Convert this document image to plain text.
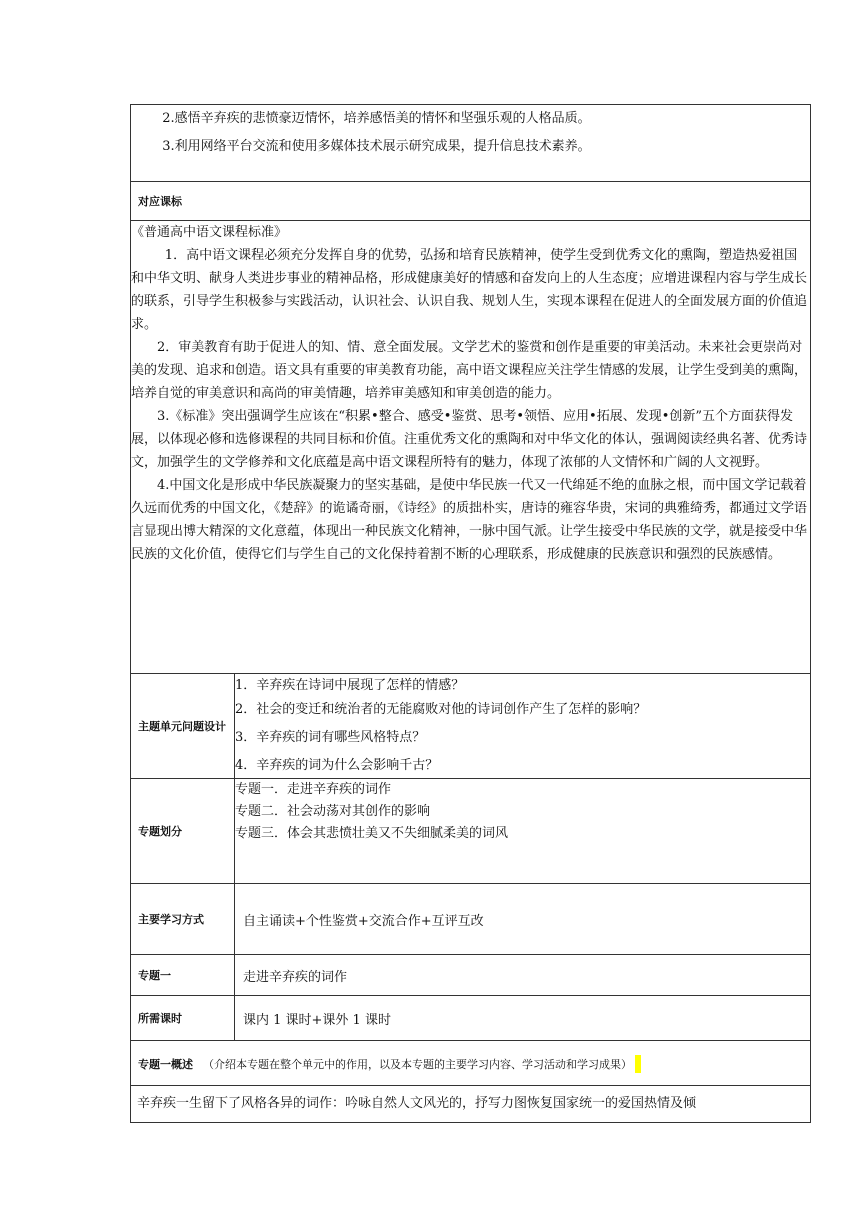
2.感悟辛弃疾的悲愤豪迈情怀，培养感悟美的情怀和坚强乐观的人格品质。

3.利用网络平台交流和使用多媒体技术展示研究成果，提升信息技术素养。	

对应课标	

《普通高中语文课程标准》

1．高中语文课程必须充分发挥自身的优势，弘扬和培育民族精神，使学生受到优秀文化的熏陶，塑造热爱祖国和中华文明、献身人类进步事业的精神品格，形成健康美好的情感和奋发向上的人生态度；应增进课程内容与学生成长的联系，引导学生积极参与实践活动，认识社会、认识自我、规划人生，实现本课程在促进人的全面发展方面的价值追求。

2．审美教育有助于促进人的知、情、意全面发展。文学艺术的鉴赏和创作是重要的审美活动。未来社会更崇尚对美的发现、追求和创造。语文具有重要的审美教育功能，高中语文课程应关注学生情感的发展，让学生受到美的熏陶，培养自觉的审美意识和高尚的审美情趣，培养审美感知和审美创造的能力。

3.《标准》突出强调学生应该在“积累•整合、感受•鉴赏、思考•领悟、应用•拓展、发现•创新”五个方面获得发展，以体现必修和选修课程的共同目标和价值。注重优秀文化的熏陶和对中华文化的体认，强调阅读经典名著、优秀诗文，加强学生的文学修养和文化底蕴是高中语文课程所特有的魅力，体现了浓郁的人文情怀和广阔的人文视野。

4.中国文化是形成中华民族凝聚力的坚实基础，是使中华民族一代又一代绵延不绝的血脉之根，而中国文学记载着久远而优秀的中国文化，《楚辞》的诡谲奇丽，《诗经》的质拙朴实，唐诗的雍容华贵，宋词的典雅绮秀，都通过文学语言显现出博大精深的文化意蕴，体现出一种民族文化精神，一脉中国气派。让学生接受中华民族的文学，就是接受中华民族的文化价值，使得它们与学生自己的文化保持着割不断的心理联系，形成健康的民族意识和强烈的民族感情。	

主题单元问题设计	1．辛弃疾在诗词中展现了怎样的情感？
2．社会的变迁和统治者的无能腐败对他的诗词创作产生了怎样的影响？
3．辛弃疾的词有哪些风格特点？
4．辛弃疾的词为什么会影响千古？

专题划分	专题一．走进辛弃疾的词作
专题二．社会动荡对其创作的影响
专题三．体会其悲愤壮美又不失细腻柔美的词风

主要学习方式	自主诵读+个性鉴赏+交流合作+互评互改
专题一	走进辛弃疾的词作
所需课时	课内 1 课时+课外 1 课时
专题一概述 （介绍本专题在整个单元中的作用，以及本专题的主要学习内容、学习活动和学习成果）	
辛弃疾一生留下了风格各异的词作：吟咏自然人文风光的，抒写力图恢复国家统一的爱国热情及倾	
